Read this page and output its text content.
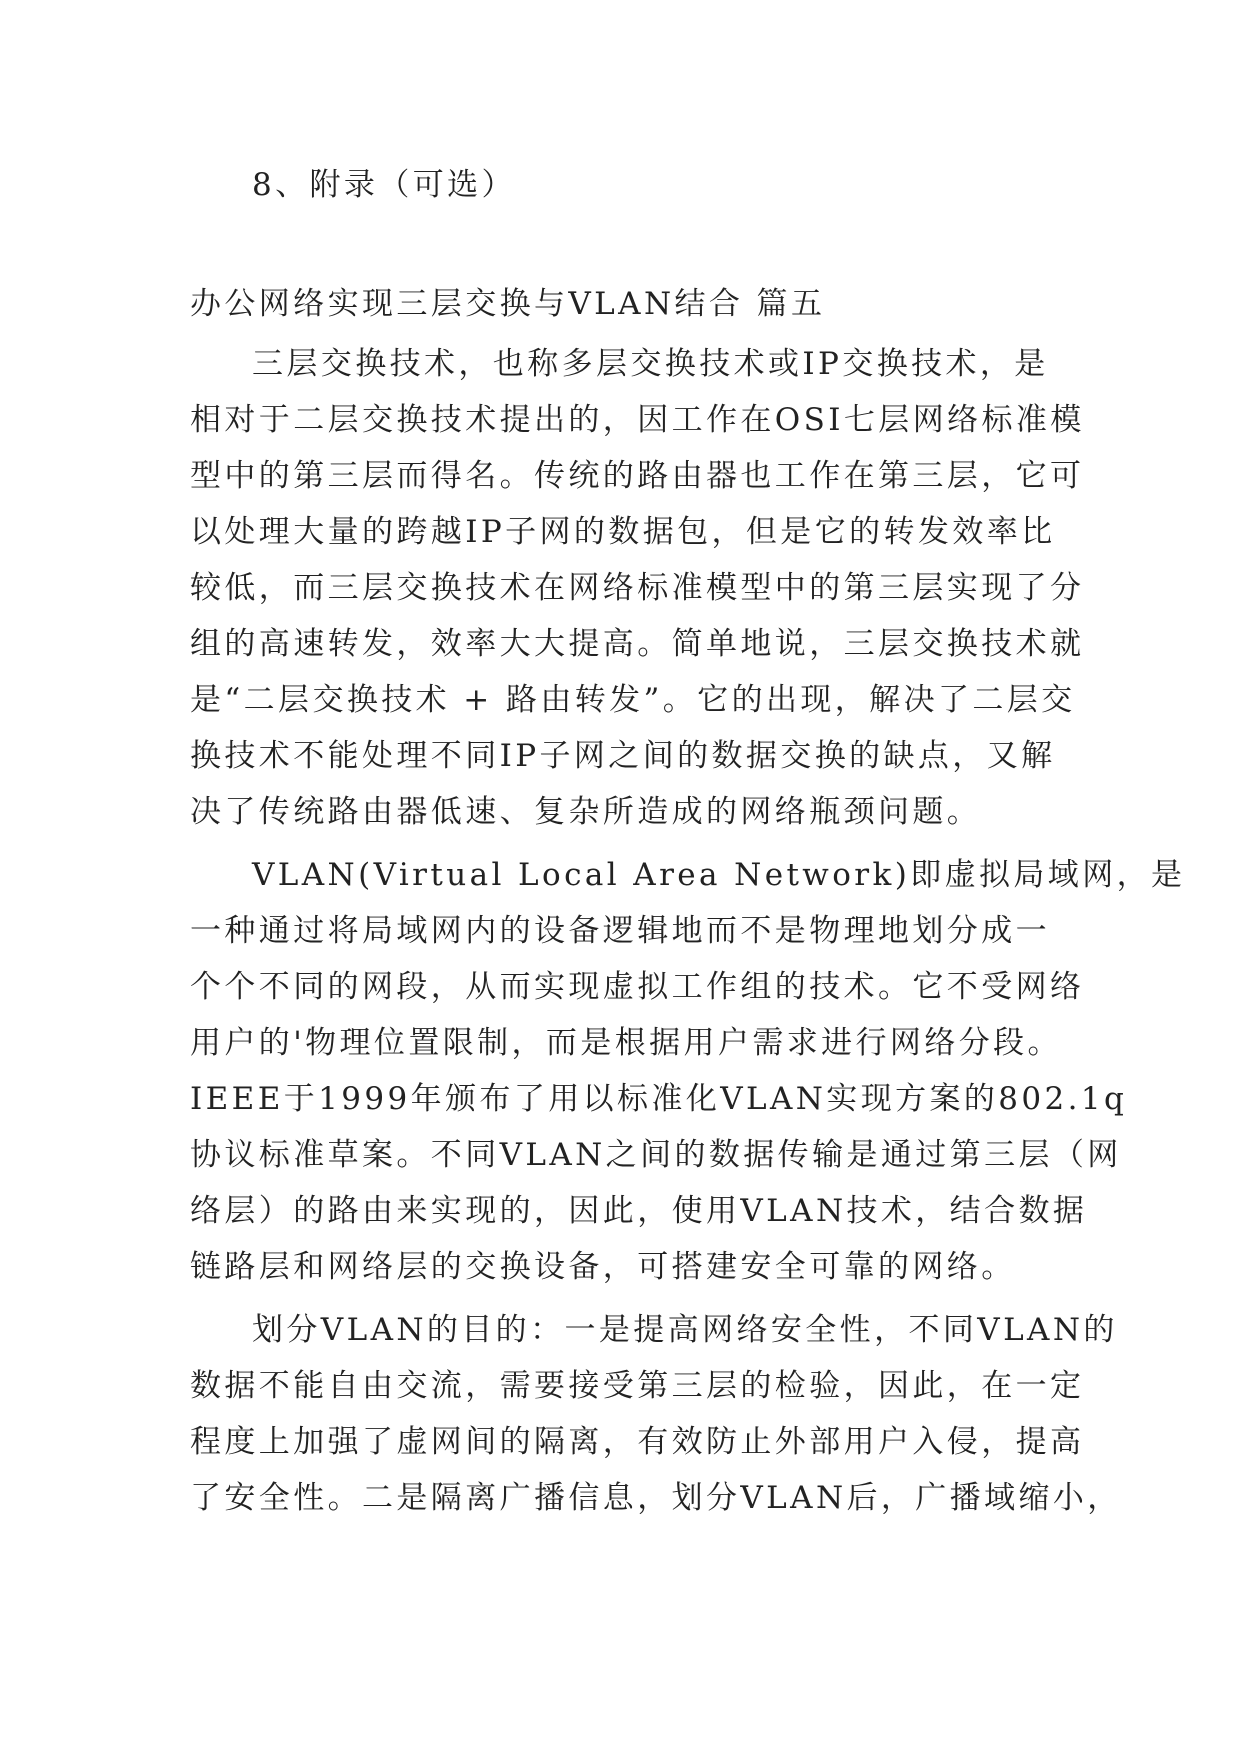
8、附录（可选）
办公网络实现三层交换与VLAN结合 篇五
三层交换技术，也称多层交换技术或IP交换技术，是
相对于二层交换技术提出的，因工作在OSI七层网络标准模
型中的第三层而得名。传统的路由器也工作在第三层，它可
以处理大量的跨越IP子网的数据包，但是它的转发效率比
较低，而三层交换技术在网络标准模型中的第三层实现了分
组的高速转发，效率大大提高。简单地说，三层交换技术就
是“二层交换技术 + 路由转发”。它的出现，解决了二层交
换技术不能处理不同IP子网之间的数据交换的缺点，又解
决了传统路由器低速、复杂所造成的网络瓶颈问题。
VLAN(Virtual Local Area Network)即虚拟局域网，是
一种通过将局域网内的设备逻辑地而不是物理地划分成一
个个不同的网段，从而实现虚拟工作组的技术。它不受网络
用户的'物理位置限制，而是根据用户需求进行网络分段。
IEEE于1999年颁布了用以标准化VLAN实现方案的802.1q
协议标准草案。不同VLAN之间的数据传输是通过第三层（网
络层）的路由来实现的，因此，使用VLAN技术，结合数据
链路层和网络层的交换设备，可搭建安全可靠的网络。
划分VLAN的目的：一是提高网络安全性，不同VLAN的
数据不能自由交流，需要接受第三层的检验，因此，在一定
程度上加强了虚网间的隔离，有效防止外部用户入侵，提高
了安全性。二是隔离广播信息，划分VLAN后，广播域缩小，
